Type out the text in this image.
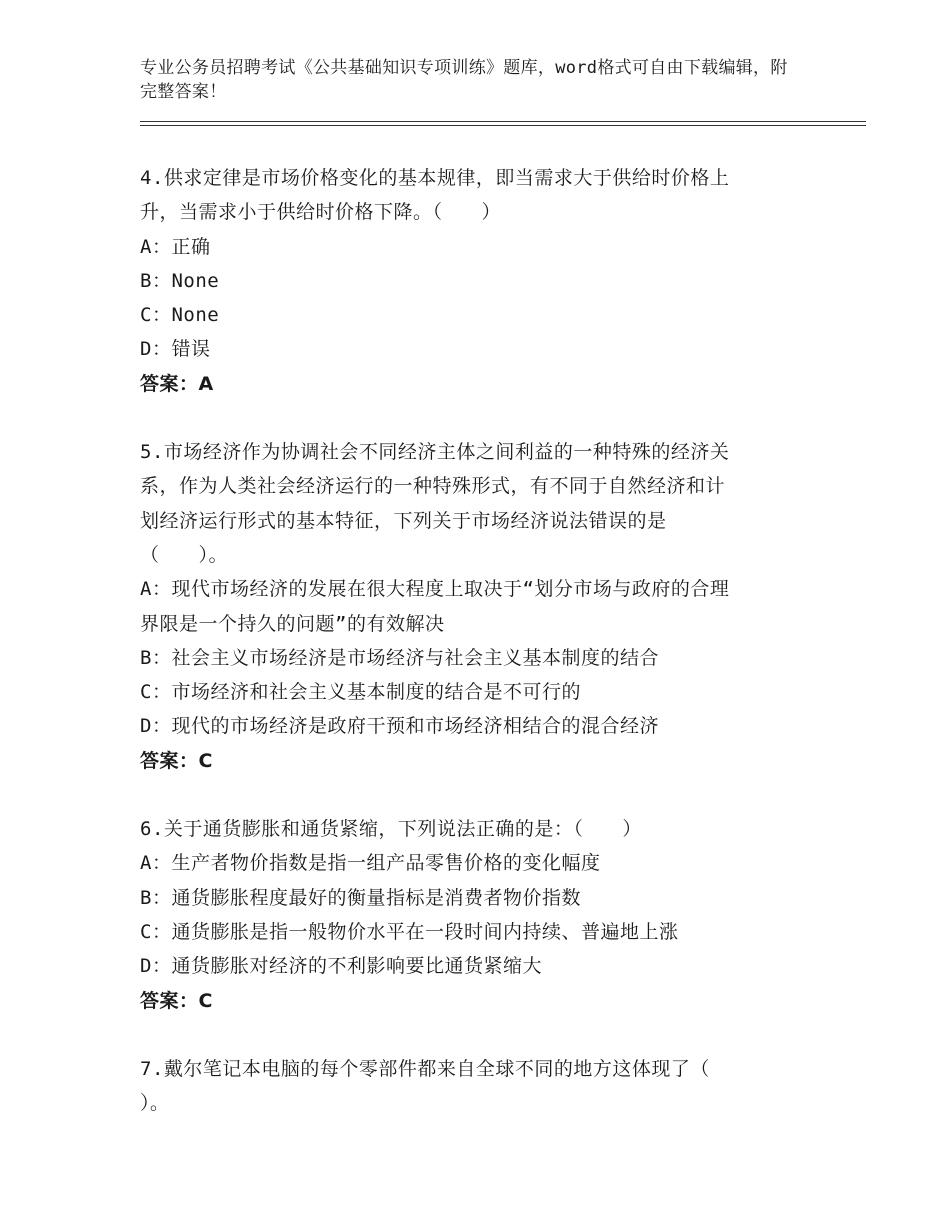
专业公务员招聘考试《公共基础知识专项训练》题库，word格式可自由下载编辑，附完整答案！
4.供求定律是市场价格变化的基本规律，即当需求大于供给时价格上
升，当需求小于供给时价格下降。（　　）
A：正确
B：None
C：None
D：错误
答案：A
5.市场经济作为协调社会不同经济主体之间利益的一种特殊的经济关
系，作为人类社会经济运行的一种特殊形式，有不同于自然经济和计
划经济运行形式的基本特征，下列关于市场经济说法错误的是
（　　）。
A：现代市场经济的发展在很大程度上取决于“划分市场与政府的合理
界限是一个持久的问题”的有效解决
B：社会主义市场经济是市场经济与社会主义基本制度的结合
C：市场经济和社会主义基本制度的结合是不可行的
D：现代的市场经济是政府干预和市场经济相结合的混合经济
答案：C
6.关于通货膨胀和通货紧缩，下列说法正确的是：（　　）
A：生产者物价指数是指一组产品零售价格的变化幅度
B：通货膨胀程度最好的衡量指标是消费者物价指数
C：通货膨胀是指一般物价水平在一段时间内持续、普遍地上涨
D：通货膨胀对经济的不利影响要比通货紧缩大
答案：C
7.戴尔笔记本电脑的每个零部件都来自全球不同的地方这体现了（
）。
